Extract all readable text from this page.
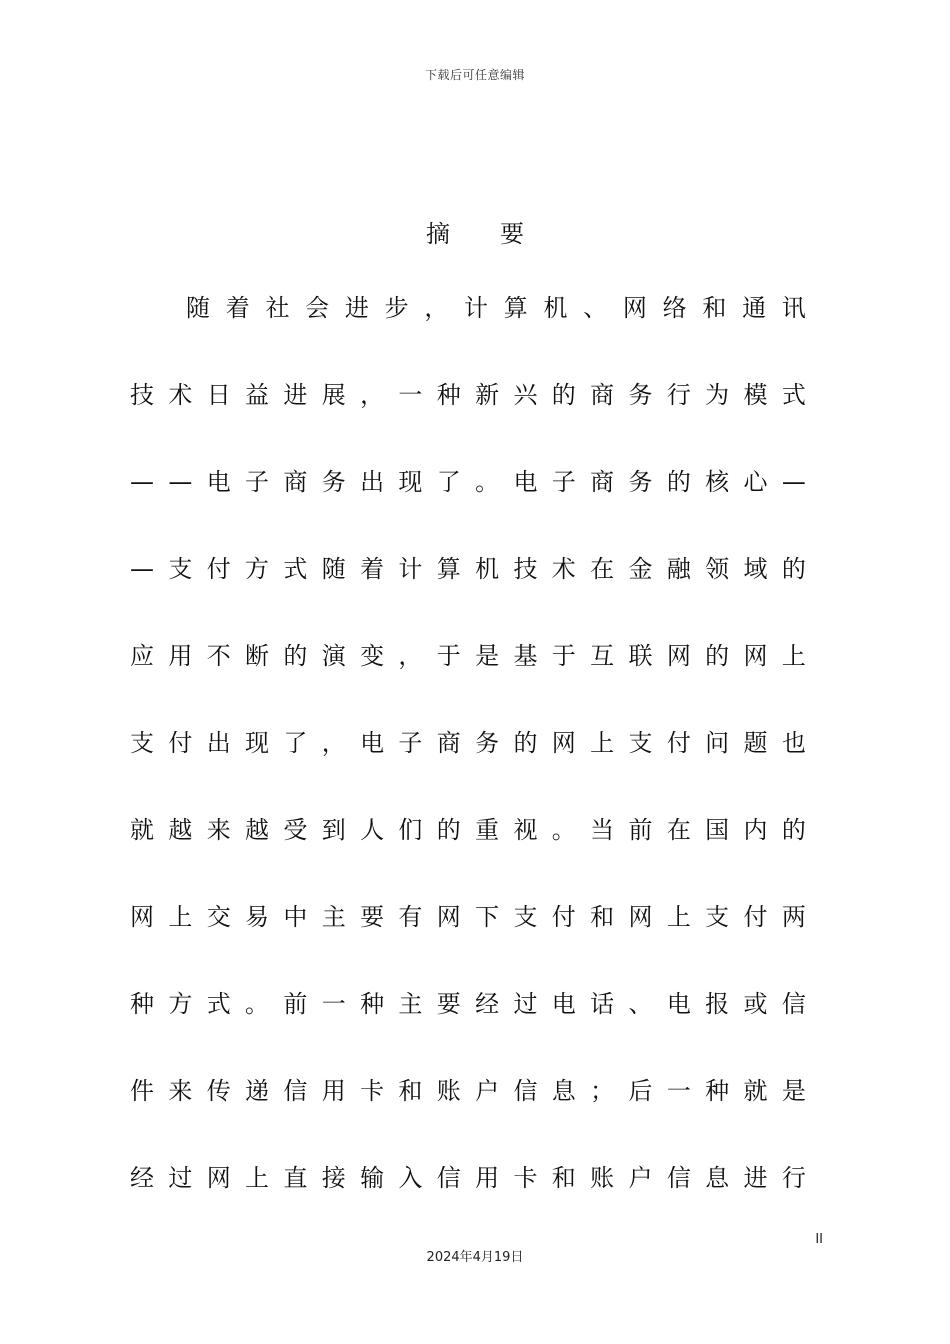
下载后可任意编辑
摘 要
随 着 社 会 进 步 ， 计 算 机 、 网 络 和 通 讯
技 术 日 益 进 展 ， 一 种 新 兴 的 商 务 行 为 模 式
— — 电 子 商 务 出 现 了 。 电 子 商 务 的 核 心 —
— 支 付 方 式 随 着 计 算 机 技 术 在 金 融 领 域 的
应 用 不 断 的 演 变 ， 于 是 基 于 互 联 网 的 网 上
支 付 出 现 了 ， 电 子 商 务 的 网 上 支 付 问 题 也
就 越 来 越 受 到 人 们 的 重 视 。 当 前 在 国 内 的
网 上 交 易 中 主 要 有 网 下 支 付 和 网 上 支 付 两
种 方 式 。 前 一 种 主 要 经 过 电 话 、 电 报 或 信
件 来 传 递 信 用 卡 和 账 户 信 息 ； 后 一 种 就 是
经 过 网 上 直 接 输 入 信 用 卡 和 账 户 信 息 进 行
II
2024年4月19日
